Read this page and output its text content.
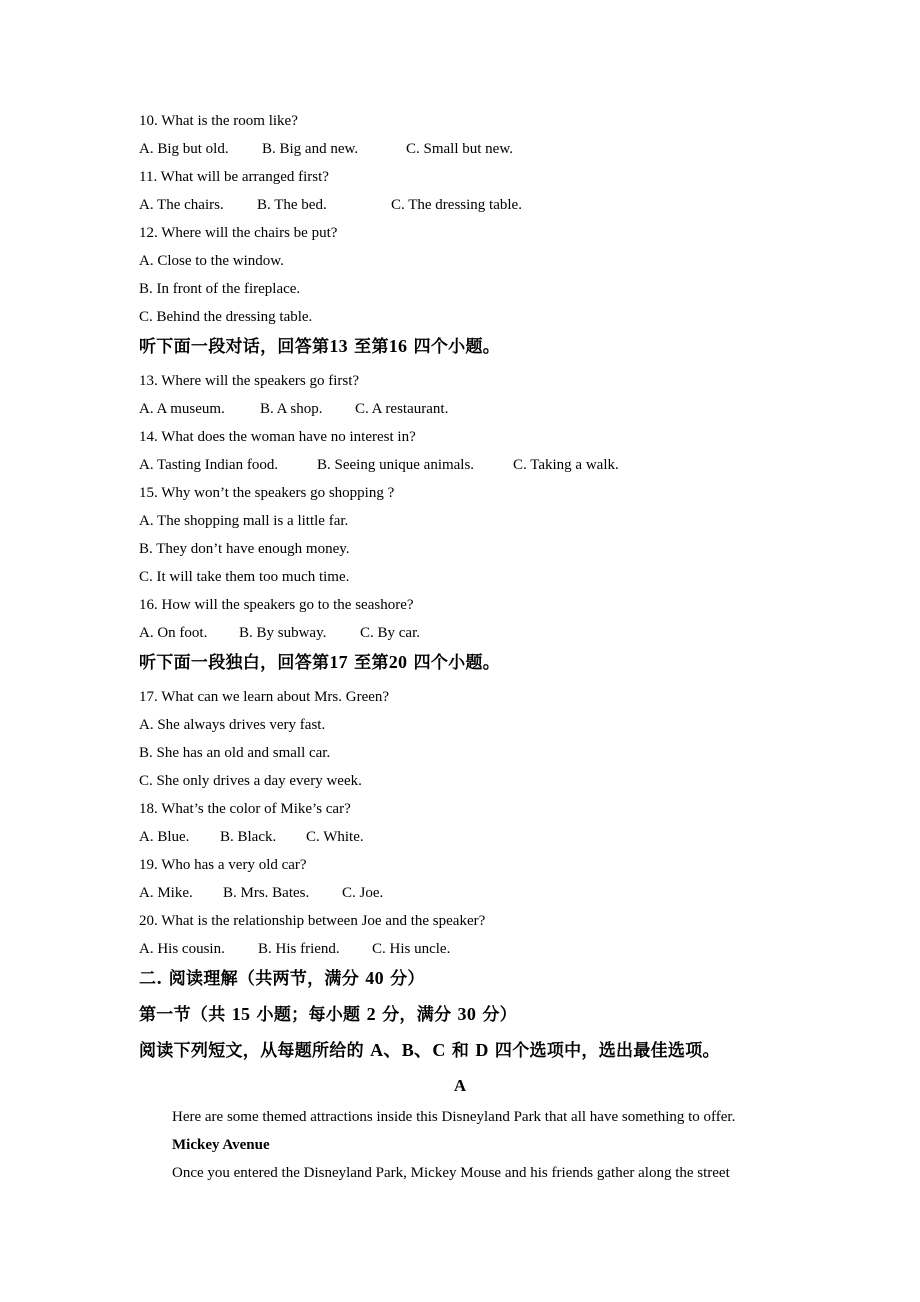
10. What is the room like?
A. Big but old. B. Big and new.	C. Small but new.
11. What will be arranged first?
A. The chairs. B. The bed.	C. The dressing table.
12. Where will the chairs be put?
A. Close to the window.
B. In front of the fireplace.
C. Behind the dressing table.
听下面一段对话，回答第13 至第16 四个小题。
13. Where will the speakers go first?
A. A museum. B. A shop. C. A restaurant.
14. What does the woman have no interest in?
A. Tasting Indian food.	B. Seeing unique animals.	C. Taking a walk.
15. Why won’t the speakers go shopping ?
A. The shopping mall is a little far.
B. They don’t have enough money.
C. It will take them too much time.
16. How will the speakers go to the seashore?
A. On foot. B. By subway. C. By car.
听下面一段独白，回答第17 至第20 四个小题。
17. What can we learn about Mrs. Green?
A. She always drives very fast.
B. She has an old and small car.
C. She only drives a day every week.
18. What’s the color of Mike’s car?
A. Blue. B. Black. C. White.
19. Who has a very old car?
A. Mike. B. Mrs. Bates. C. Joe.
20. What is the relationship between Joe and the speaker?
A. His cousin. B. His friend. C. His uncle.
二. 阅读理解（共两节，满分 40 分）
第一节（共 15 小题；每小题 2 分，满分 30 分）
阅读下列短文，从每题所给的 A、B、C 和 D 四个选项中，选出最佳选项。
A
Here are some themed attractions inside this Disneyland Park that all have something to offer.
Mickey Avenue
Once you entered the Disneyland Park, Mickey Mouse and his friends gather along the street
